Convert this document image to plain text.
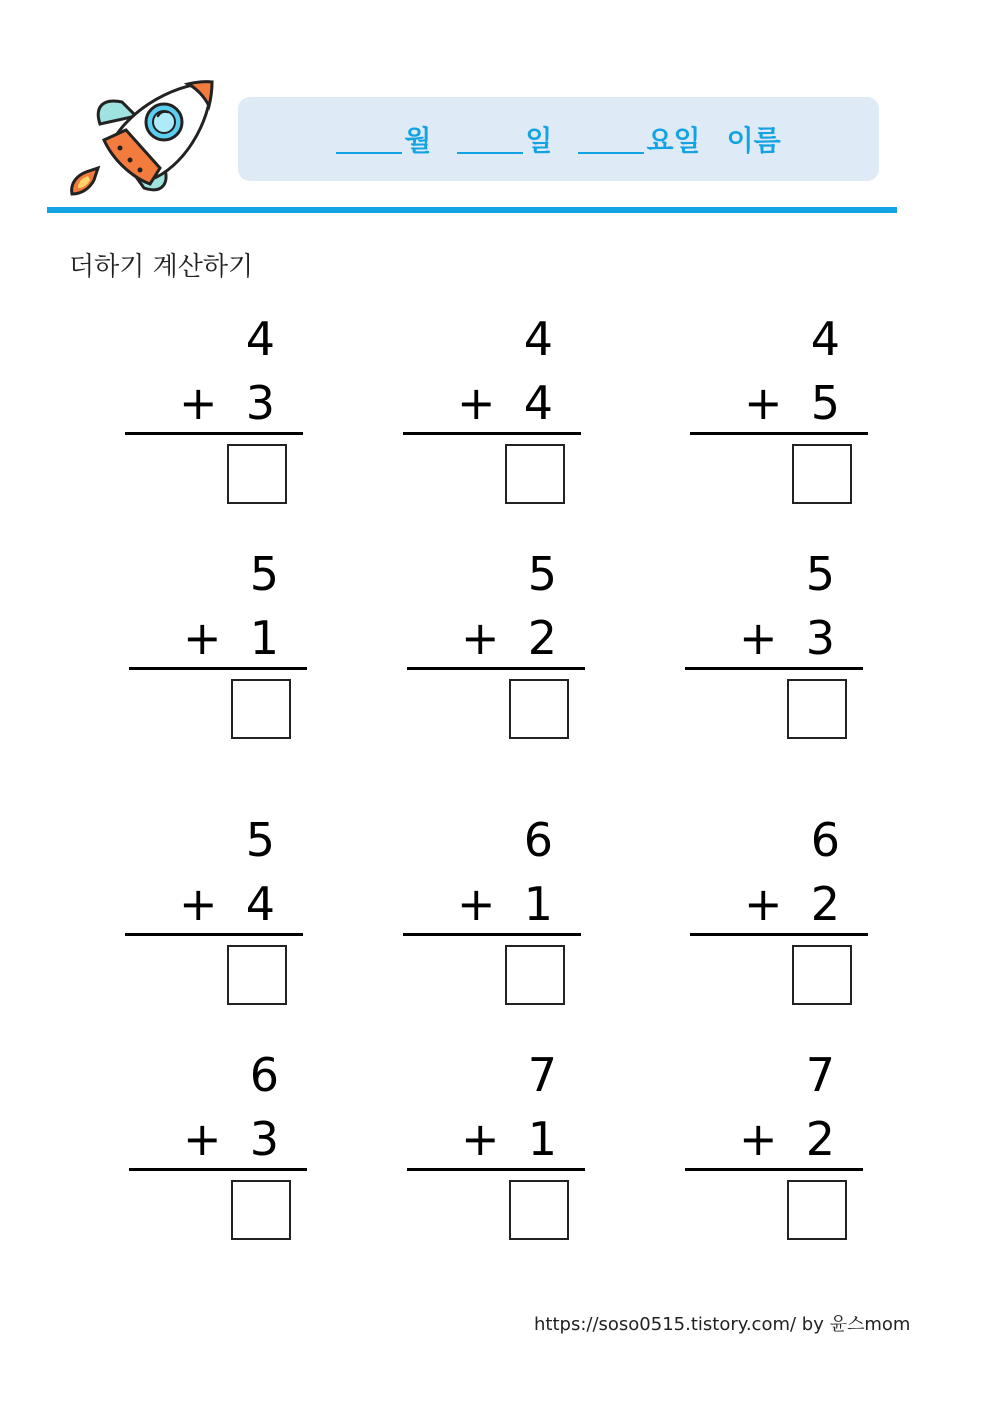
월	일	요일 이름
더하기 계산하기
4
+ 3
4
+ 4
4
+ 5
5
+ 1
5
+ 2
5
+ 3
5
+ 4
6
+ 1
6
+ 2
6
+ 3
7
+ 1
7
+ 2
https://soso0515.tistory.com/ by 윤스mom
